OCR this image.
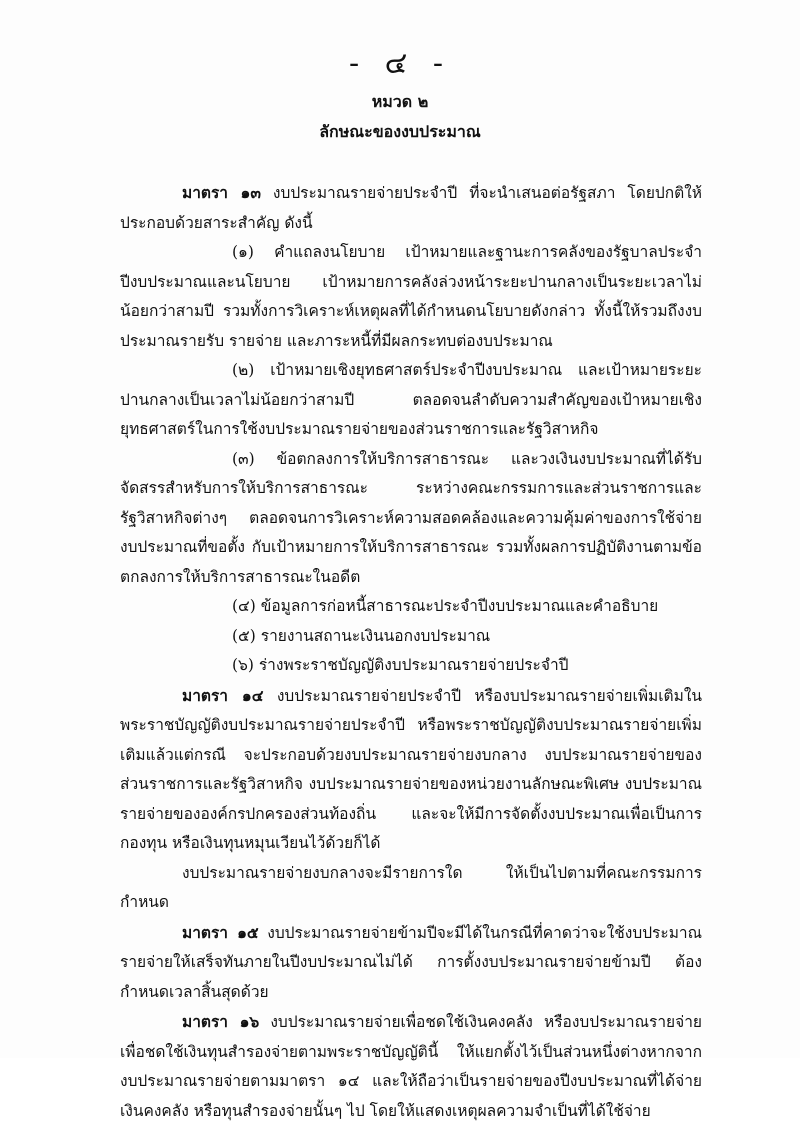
- ๔ -
หมวด ๒
ลักษณะของงบประมาณ

มาตรา ๑๓ งบประมาณรายจ่ายประจำปี ที่จะนำเสนอต่อรัฐสภา โดยปกติให้ประกอบด้วยสาระสำคัญ ดังนี้

(๑) คำแถลงนโยบาย เป้าหมายและฐานะการคลังของรัฐบาลประจำปีงบประมาณและนโยบาย เป้าหมายการคลังล่วงหน้าระยะปานกลางเป็นระยะเวลาไม่น้อยกว่าสามปี รวมทั้งการวิเคราะห์เหตุผลที่ได้กำหนดนโยบายดังกล่าว ทั้งนี้ให้รวมถึงงบประมาณรายรับ รายจ่าย และภาระหนี้ที่มีผลกระทบต่องบประมาณ

(๒) เป้าหมายเชิงยุทธศาสตร์ประจำปีงบประมาณ และเป้าหมายระยะปานกลางเป็นเวลาไม่น้อยกว่าสามปี ตลอดจนลำดับความสำคัญของเป้าหมายเชิงยุทธศาสตร์ในการใช้งบประมาณรายจ่ายของส่วนราชการและรัฐวิสาหกิจ

(๓) ข้อตกลงการให้บริการสาธารณะ และวงเงินงบประมาณที่ได้รับจัดสรรสำหรับการให้บริการสาธารณะ ระหว่างคณะกรรมการและส่วนราชการและรัฐวิสาหกิจต่างๆ ตลอดจนการวิเคราะห์ความสอดคล้องและความคุ้มค่าของการใช้จ่ายงบประมาณที่ขอตั้ง กับเป้าหมายการให้บริการสาธารณะ รวมทั้งผลการปฏิบัติงานตามข้อตกลงการให้บริการสาธารณะในอดีต

(๔) ข้อมูลการก่อหนี้สาธารณะประจำปีงบประมาณและคำอธิบาย

(๕) รายงานสถานะเงินนอกงบประมาณ

(๖) ร่างพระราชบัญญัติงบประมาณรายจ่ายประจำปี

มาตรา ๑๔ งบประมาณรายจ่ายประจำปี หรืองบประมาณรายจ่ายเพิ่มเติมในพระราชบัญญัติงบประมาณรายจ่ายประจำปี หรือพระราชบัญญัติงบประมาณรายจ่ายเพิ่มเติมแล้วแต่กรณี จะประกอบด้วยงบประมาณรายจ่ายงบกลาง งบประมาณรายจ่ายของส่วนราชการและรัฐวิสาหกิจ งบประมาณรายจ่ายของหน่วยงานลักษณะพิเศษ งบประมาณรายจ่ายขององค์กรปกครองส่วนท้องถิ่น และจะให้มีการจัดตั้งงบประมาณเพื่อเป็นการกองทุน หรือเงินทุนหมุนเวียนไว้ด้วยก็ได้

งบประมาณรายจ่ายงบกลางจะมีรายการใด ให้เป็นไปตามที่คณะกรรมการกำหนด

มาตรา ๑๕ งบประมาณรายจ่ายข้ามปีจะมีได้ในกรณีที่คาดว่าจะใช้งบประมาณรายจ่ายให้เสร็จทันภายในปีงบประมาณไม่ได้ การตั้งงบประมาณรายจ่ายข้ามปี ต้องกำหนดเวลาสิ้นสุดด้วย

มาตรา ๑๖ งบประมาณรายจ่ายเพื่อชดใช้เงินคงคลัง หรืองบประมาณรายจ่ายเพื่อชดใช้เงินทุนสำรองจ่ายตามพระราชบัญญัตินี้ ให้แยกตั้งไว้เป็นส่วนหนึ่งต่างหากจากงบประมาณรายจ่ายตามมาตรา ๑๔ และให้ถือว่าเป็นรายจ่ายของปีงบประมาณที่ได้จ่ายเงินคงคลัง หรือทุนสำรองจ่ายนั้นๆ ไป โดยให้แสดงเหตุผลความจำเป็นที่ได้ใช้จ่าย
